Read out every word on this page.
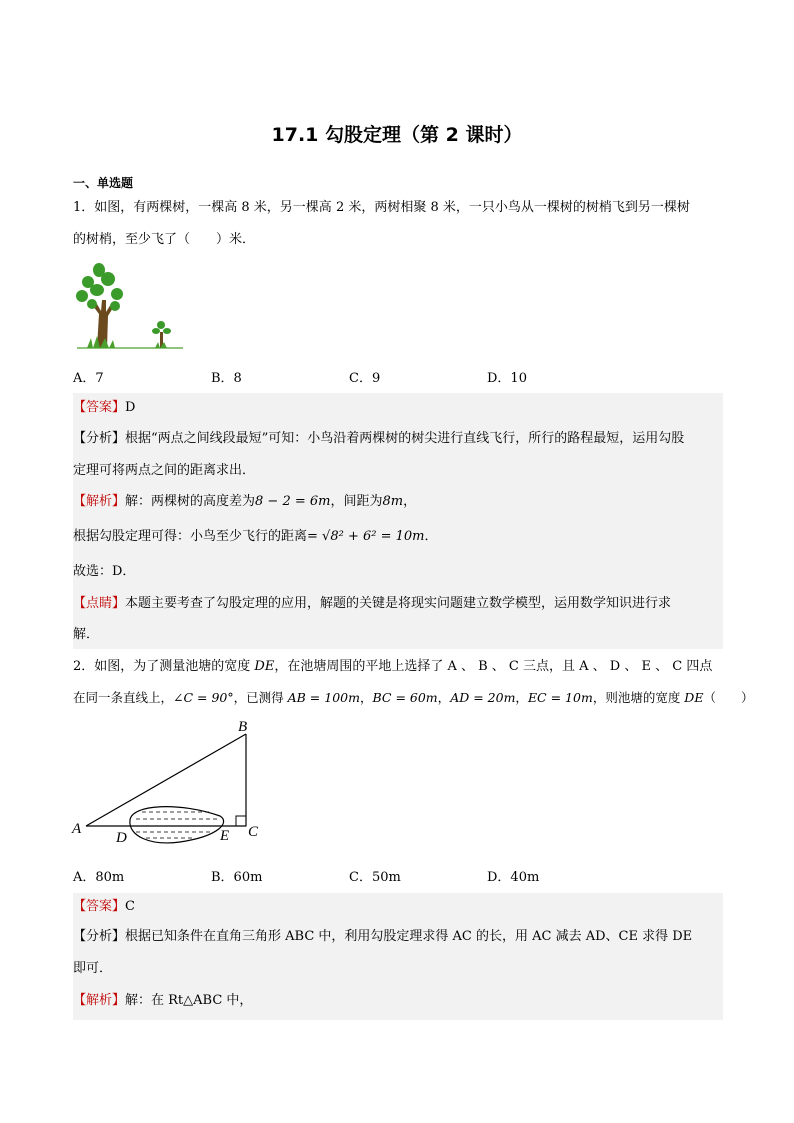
17.1 勾股定理（第 2 课时）
一、单选题
1．如图，有两棵树，一棵高 8 米，另一棵高 2 米，两树相聚 8 米，一只小鸟从一棵树的树梢飞到另一棵树
的树梢，至少飞了（　　）米．
A．7	B．8	C．9	D．10
【答案】D
【分析】根据“两点之间线段最短”可知：小鸟沿着两棵树的树尖进行直线飞行，所行的路程最短，运用勾股
定理可将两点之间的距离求出．
【解析】解：两棵树的高度差为8 − 2 = 6m，间距为8m，
根据勾股定理可得：小鸟至少飞行的距离= √8² + 6² = 10m．
故选：D．
【点睛】本题主要考查了勾股定理的应用，解题的关键是将现实问题建立数学模型，运用数学知识进行求
解．
2．如图，为了测量池塘的宽度 DE，在池塘周围的平地上选择了 A 、 B 、 C 三点，且 A 、 D 、 E 、 C 四点
在同一条直线上，∠C = 90°，已测得 AB = 100m，BC = 60m，AD = 20m，EC = 10m，则池塘的宽度 DE（　　）
A
B
C
D	E
A．80m	B．60m	C．50m	D．40m
【答案】C
【分析】根据已知条件在直角三角形 ABC 中，利用勾股定理求得 AC 的长，用 AC 减去 AD、CE 求得 DE
即可．
【解析】解：在 Rt△ABC 中，
